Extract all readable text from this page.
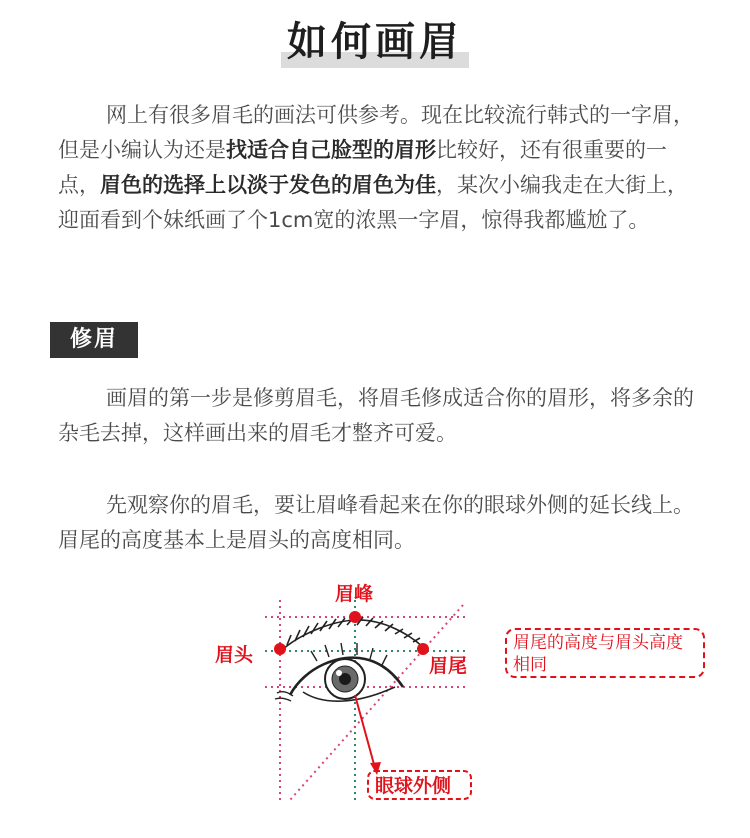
如何画眉

网上有很多眉毛的画法可供参考。现在比较流行韩式的一字眉，但是小编认为还是找适合自己脸型的眉形比较好，还有很重要的一点，眉色的选择上以淡于发色的眉色为佳，某次小编我走在大街上，迎面看到个妹纸画了个1cm宽的浓黑一字眉，惊得我都尴尬了。

修眉

画眉的第一步是修剪眉毛，将眉毛修成适合你的眉形，将多余的杂毛去掉，这样画出来的眉毛才整齐可爱。

先观察你的眉毛，要让眉峰看起来在你的眼球外侧的延长线上。眉尾的高度基本上是眉头的高度相同。

眉峰
眉头	眉尾
眼球外侧
眉尾的高度与眉头高度相同
